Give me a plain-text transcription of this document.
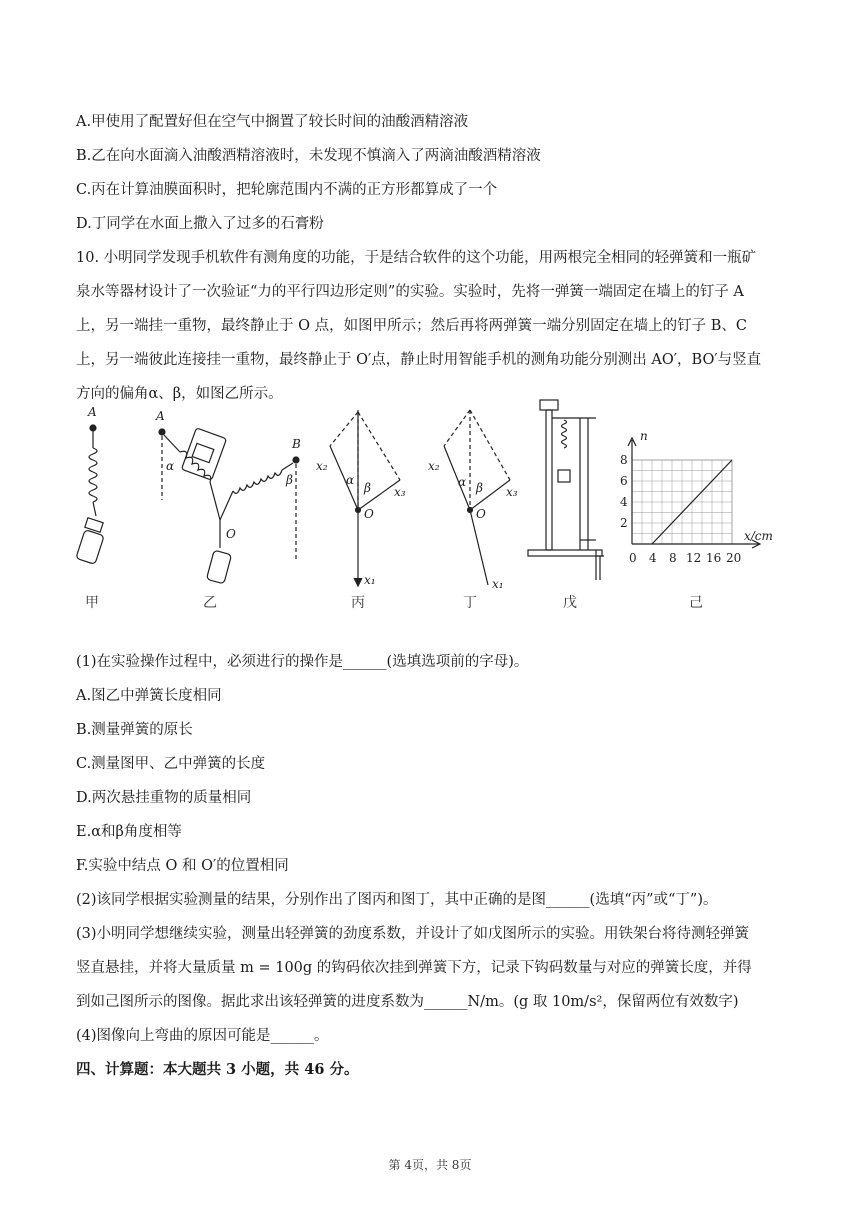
A.甲使用了配置好但在空气中搁置了较长时间的油酸酒精溶液
B.乙在向水面滴入油酸酒精溶液时，未发现不慎滴入了两滴油酸酒精溶液
C.丙在计算油膜面积时，把轮廓范围内不满的正方形都算成了一个
D.丁同学在水面上撒入了过多的石膏粉
10. 小明同学发现手机软件有测角度的功能，于是结合软件的这个功能，用两根完全相同的轻弹簧和一瓶矿
泉水等器材设计了一次验证“力的平行四边形定则”的实验。实验时，先将一弹簧一端固定在墙上的钉子 A
上，另一端挂一重物，最终静止于 O 点，如图甲所示；然后再将两弹簧一端分别固定在墙上的钉子 B、C
上，另一端彼此连接挂一重物，最终静止于 O′点，静止时用智能手机的测角功能分别测出 AO′，BO′与竖直
方向的偏角α、β，如图乙所示。
A	A
B
O
α
β
x₂
x₃
α
β
O
x₁
x₂
x₃
α β
O
x₁
n
x/cm
8
6
4
2
0 4 8 12 16 20
甲	乙	丙	丁	戊	己
(1)在实验操作过程中，必须进行的操作是______(选填选项前的字母)。
A.图乙中弹簧长度相同
B.测量弹簧的原长
C.测量图甲、乙中弹簧的长度
D.两次悬挂重物的质量相同
E.α和β角度相等
F.实验中结点 O 和 O′的位置相同
(2)该同学根据实验测量的结果，分别作出了图丙和图丁，其中正确的是图______(选填“丙”或“丁”)。
(3)小明同学想继续实验，测量出轻弹簧的劲度系数，并设计了如戊图所示的实验。用铁架台将待测轻弹簧
竖直悬挂，并将大量质量 m = 100g 的钩码依次挂到弹簧下方，记录下钩码数量与对应的弹簧长度，并得
到如己图所示的图像。据此求出该轻弹簧的进度系数为______N/m。(g 取 10m/s²，保留两位有效数字)
(4)图像向上弯曲的原因可能是______。
四、计算题：本大题共 3 小题，共 46 分。
第 4页，共 8页
